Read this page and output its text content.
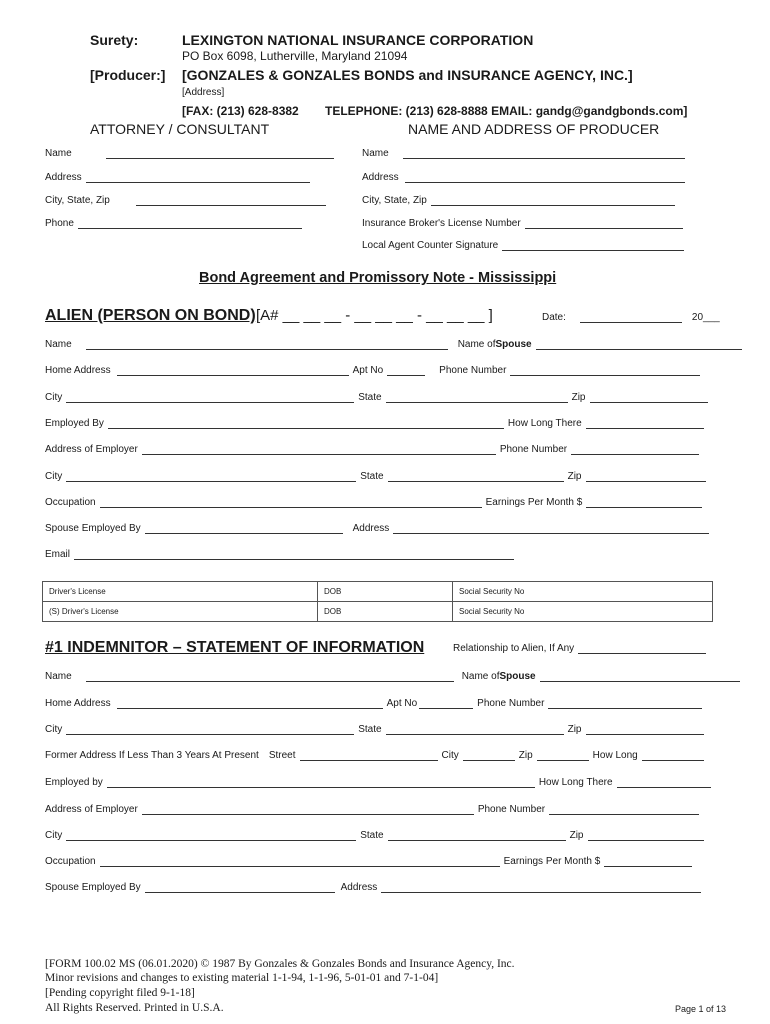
Surety:	LEXINGTON NATIONAL INSURANCE CORPORATION
PO Box 6098, Lutherville, Maryland 21094
[Producer:] [GONZALES & GONZALES BONDS and INSURANCE AGENCY, INC.]
[Address]
[FAX: (213) 628-8382 TELEPHONE: (213) 628-8888 EMAIL: gandg@gandgbonds.com]
ATTORNEY / CONSULTANT	NAME AND ADDRESS OF PRODUCER
Name
Address
City, State, Zip
Phone
Name
Address
City, State, Zip
Insurance Broker's License Number
Local Agent Counter Signature
Bond Agreement and Promissory Note - Mississippi
ALIEN (PERSON ON BOND) [A# __ __ __ - __ __ __ - __ __ __ ]	Date:	20___
Name	Name of Spouse
Home Address	Apt No	Phone Number
City	State	Zip
Employed By	How Long There
Address of Employer	Phone Number
City	State	Zip
Occupation	Earnings Per Month $
Spouse Employed By	Address
Email
Driver's License	DOB	Social Security No
(S) Driver's License	DOB	Social Security No
#1 INDEMNITOR – STATEMENT OF INFORMATION	Relationship to Alien, If Any
Name	Name of Spouse
Home Address	Apt No	Phone Number
City	State	Zip
Former Address If Less Than 3 Years At Present Street	City	Zip	How Long
Employed by	How Long There
Address of Employer	Phone Number
City	State	Zip
Occupation	Earnings Per Month $
Spouse Employed By	Address
[FORM 100.02 MS (06.01.2020) © 1987 By Gonzales & Gonzales Bonds and Insurance Agency, Inc.
Minor revisions and changes to existing material 1-1-94, 1-1-96, 5-01-01 and 7-1-04]
[Pending copyright filed 9-1-18]
All Rights Reserved. Printed in U.S.A.	Page 1 of 13
